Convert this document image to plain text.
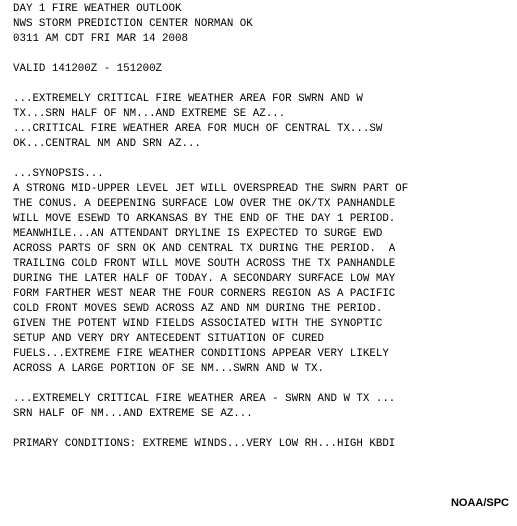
DAY 1 FIRE WEATHER OUTLOOK
NWS STORM PREDICTION CENTER NORMAN OK
0311 AM CDT FRI MAR 14 2008
VALID 141200Z - 151200Z
...EXTREMELY CRITICAL FIRE WEATHER AREA FOR SWRN AND W
TX...SRN HALF OF NM...AND EXTREME SE AZ...
...CRITICAL FIRE WEATHER AREA FOR MUCH OF CENTRAL TX...SW
OK...CENTRAL NM AND SRN AZ...
...SYNOPSIS...
A STRONG MID-UPPER LEVEL JET WILL OVERSPREAD THE SWRN PART OF
THE CONUS. A DEEPENING SURFACE LOW OVER THE OK/TX PANHANDLE
WILL MOVE ESEWD TO ARKANSAS BY THE END OF THE DAY 1 PERIOD.
MEANWHILE...AN ATTENDANT DRYLINE IS EXPECTED TO SURGE EWD
ACROSS PARTS OF SRN OK AND CENTRAL TX DURING THE PERIOD.  A
TRAILING COLD FRONT WILL MOVE SOUTH ACROSS THE TX PANHANDLE
DURING THE LATER HALF OF TODAY. A SECONDARY SURFACE LOW MAY
FORM FARTHER WEST NEAR THE FOUR CORNERS REGION AS A PACIFIC
COLD FRONT MOVES SEWD ACROSS AZ AND NM DURING THE PERIOD.
GIVEN THE POTENT WIND FIELDS ASSOCIATED WITH THE SYNOPTIC
SETUP AND VERY DRY ANTECEDENT SITUATION OF CURED
FUELS...EXTREME FIRE WEATHER CONDITIONS APPEAR VERY LIKELY
ACROSS A LARGE PORTION OF SE NM...SWRN AND W TX.
...EXTREMELY CRITICAL FIRE WEATHER AREA - SWRN AND W TX ...
SRN HALF OF NM...AND EXTREME SE AZ...
PRIMARY CONDITIONS: EXTREME WINDS...VERY LOW RH...HIGH KBDI
NOAA/SPC
